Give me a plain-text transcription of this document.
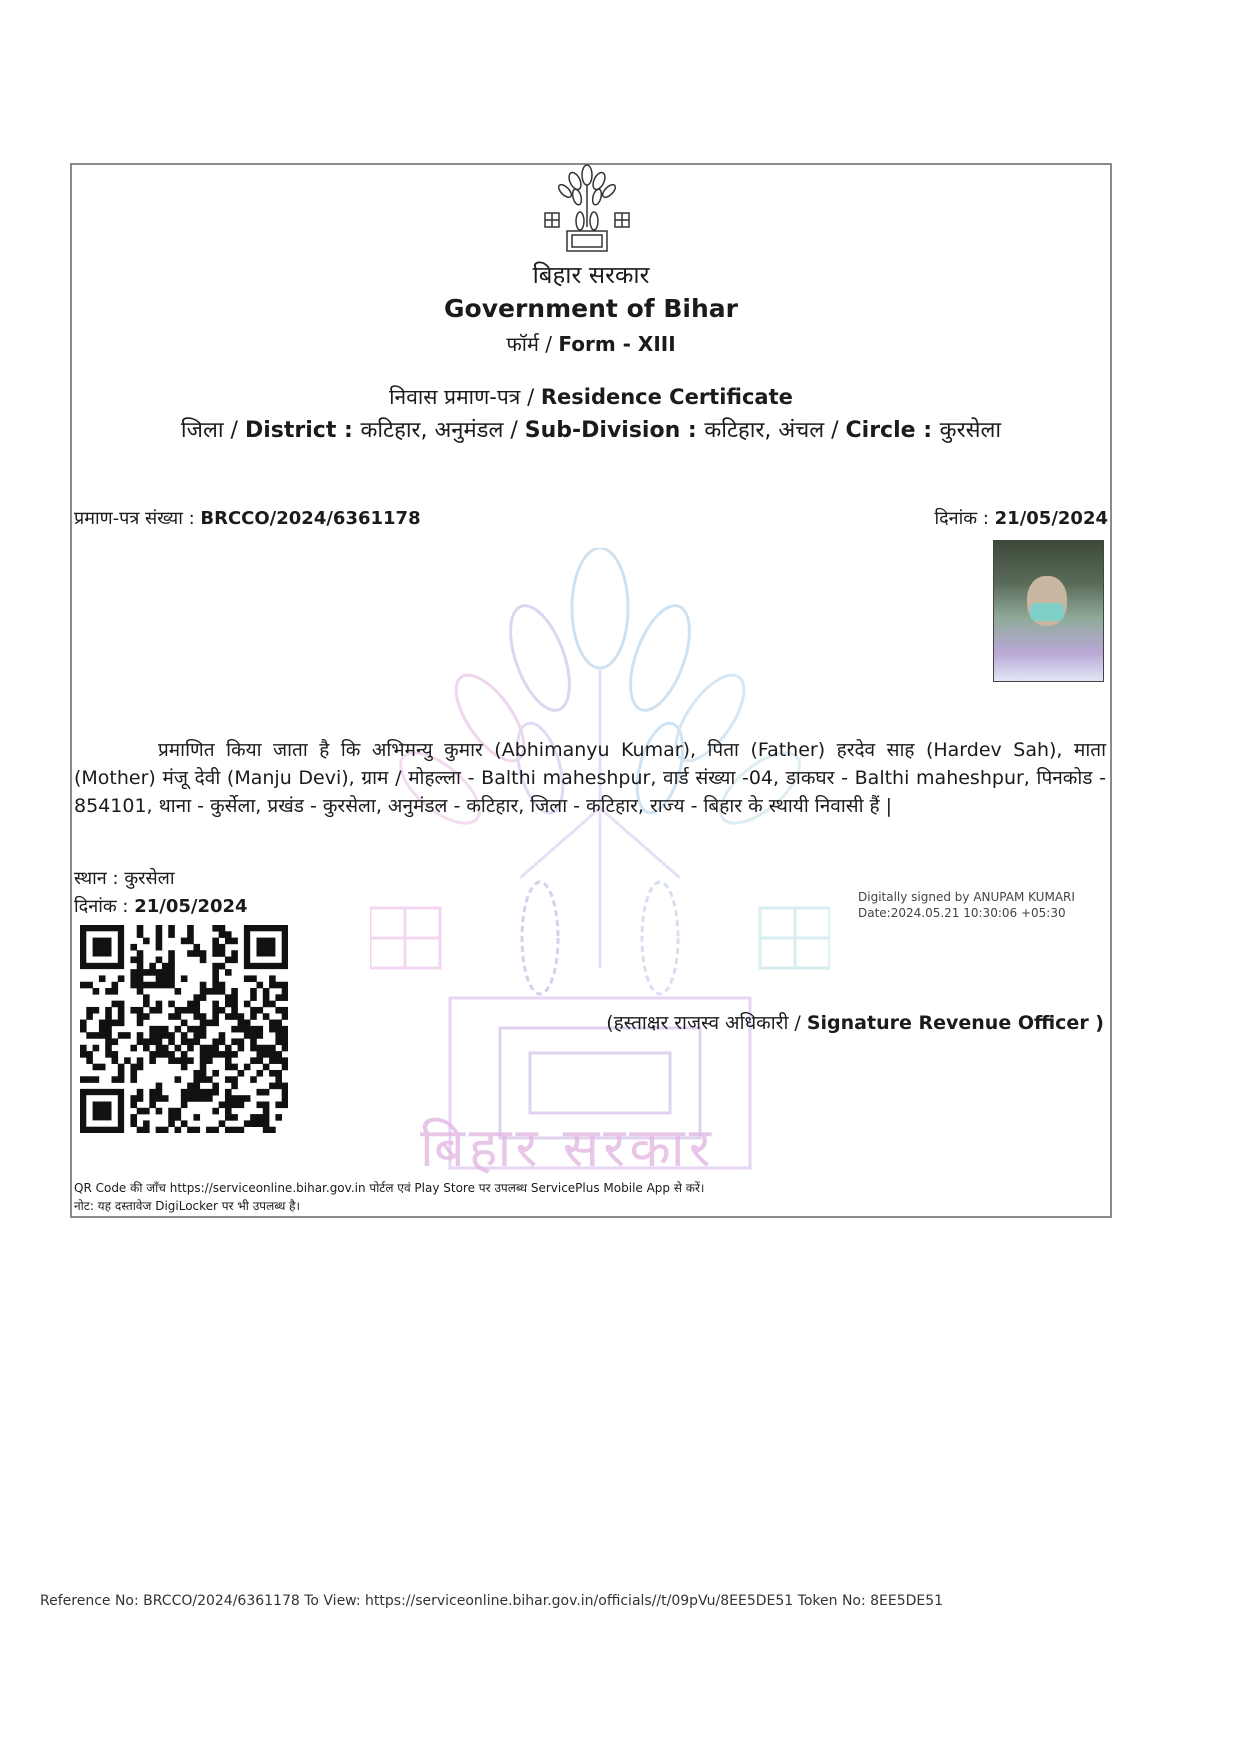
बिहार सरकार
बिहार सरकार
Government of Bihar
फॉर्म / Form - XIII
निवास प्रमाण-पत्र / Residence Certificate
जिला / District : कटिहार, अनुमंडल / Sub-Division : कटिहार, अंचल / Circle : कुरसेला
प्रमाण-पत्र संख्या : BRCCO/2024/6361178	दिनांक : 21/05/2024
प्रमाणित किया जाता है कि अभिमन्यु कुमार (Abhimanyu Kumar), पिता (Father) हरदेव साह (Hardev Sah), माता (Mother) मंजू देवी (Manju Devi), ग्राम / मोहल्ला - Balthi maheshpur, वार्ड संख्या -04, डाकघर - Balthi maheshpur, पिनकोड - 854101, थाना - कुर्सेला, प्रखंड - कुरसेला, अनुमंडल - कटिहार, जिला - कटिहार, राज्य - बिहार के स्थायी निवासी हैं |
स्थान : कुरसेला
दिनांक : 21/05/2024	Digitally signed by ANUPAM KUMARI
Date:2024.05.21 10:30:06 +05:30
(हस्ताक्षर राजस्व अधिकारी / Signature Revenue Officer )
QR Code की जाँच https://serviceonline.bihar.gov.in पोर्टल एवं Play Store पर उपलब्ध ServicePlus Mobile App से करें।
नोट: यह दस्तावेज DigiLocker पर भी उपलब्ध है।
Reference No: BRCCO/2024/6361178 To View: https://serviceonline.bihar.gov.in/officials//t/09pVu/8EE5DE51 Token No: 8EE5DE51
